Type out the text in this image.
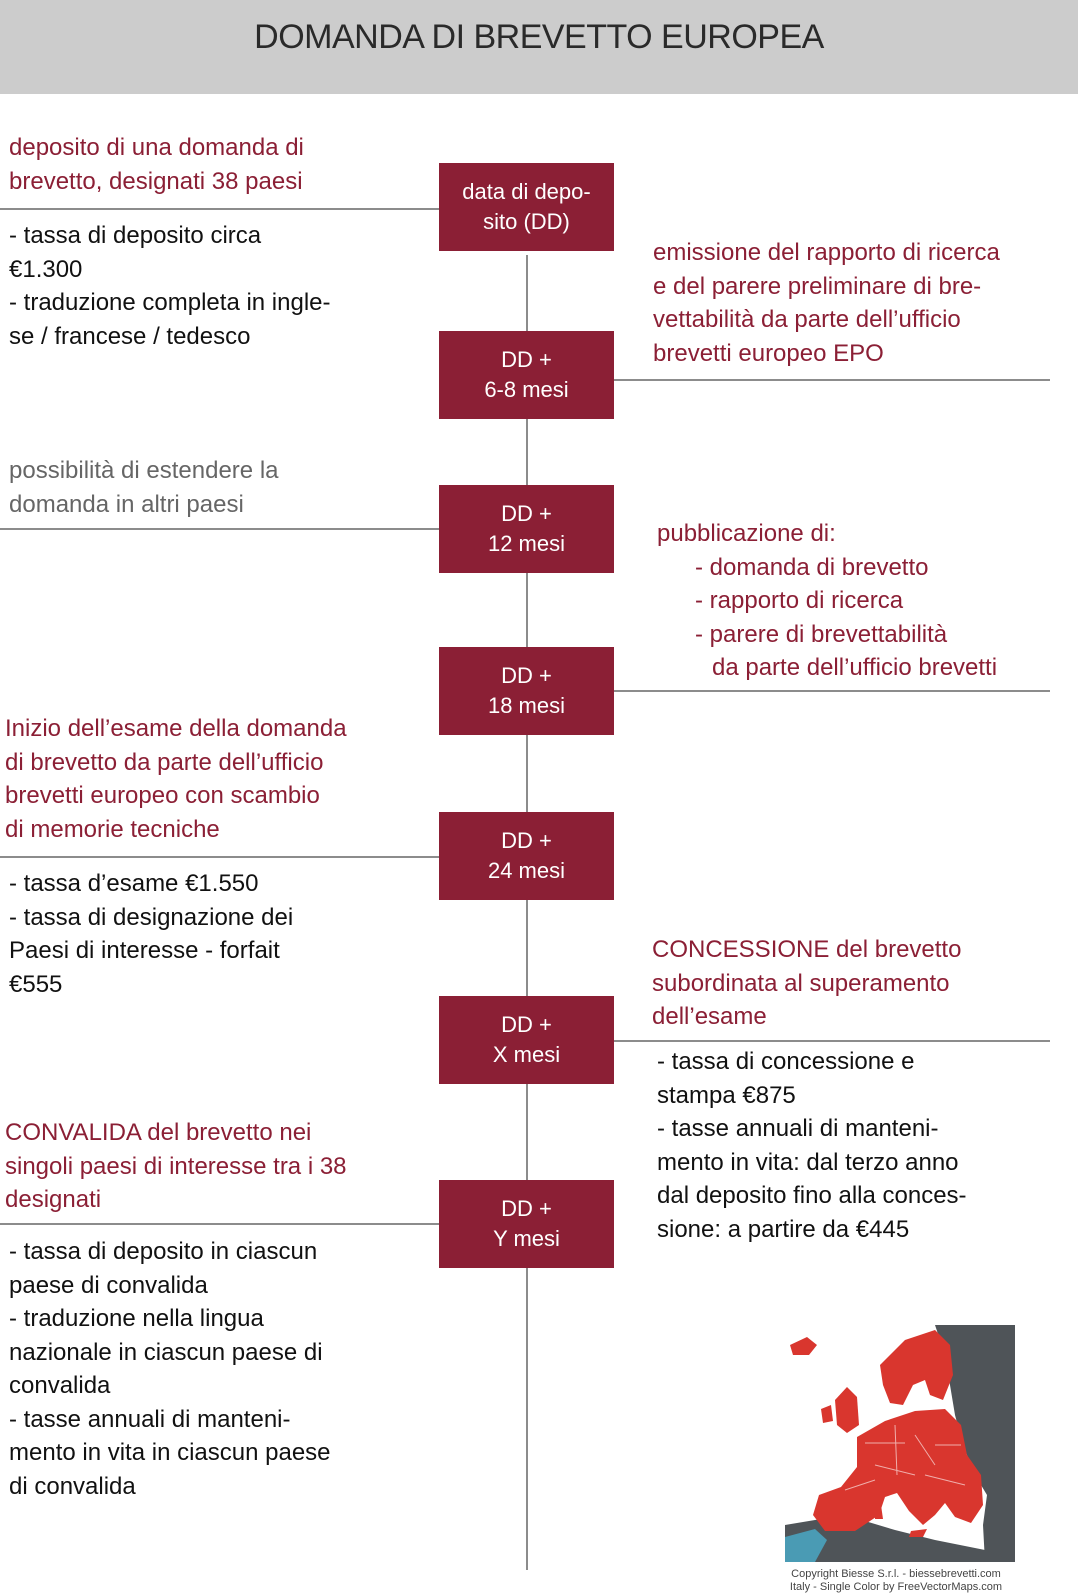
DOMANDA DI BREVETTO EUROPEA
data di depo-
sito (DD)
DD +
6-8 mesi
DD +
12 mesi
DD +
18 mesi
DD +
24 mesi
DD +
X mesi
DD +
Y mesi
deposito di una domanda di
brevetto, designati 38 paesi
- tassa di deposito circa
€1.300
- traduzione completa in ingle-
se / francese / tedesco
emissione del rapporto di ricerca
e del parere preliminare di bre-
vettabilità da parte dell’ufficio
brevetti europeo EPO
possibilità di estendere la
domanda in altri paesi
pubblicazione di:
- domanda di brevetto
- rapporto di ricerca
- parere di brevettabilità
da parte dell’ufficio brevetti
Inizio dell’esame della domanda
di brevetto da parte dell’ufficio
brevetti europeo con scambio
di memorie tecniche
- tassa d’esame €1.550
- tassa di designazione dei
Paesi di interesse - forfait
€555
CONCESSIONE del brevetto
subordinata al superamento
dell’esame
- tassa di concessione e
stampa €875
- tasse annuali di manteni-
mento in vita: dal terzo anno
dal deposito fino alla conces-
sione: a partire da €445
CONVALIDA del brevetto nei
singoli paesi di interesse tra i 38
designati
- tassa di deposito in ciascun
paese di convalida
- traduzione nella lingua
nazionale in ciascun paese di
convalida
- tasse annuali di manteni-
mento in vita in ciascun paese
di convalida
Copyright Biesse S.r.l. - biessebrevetti.com
Italy - Single Color by FreeVectorMaps.com
